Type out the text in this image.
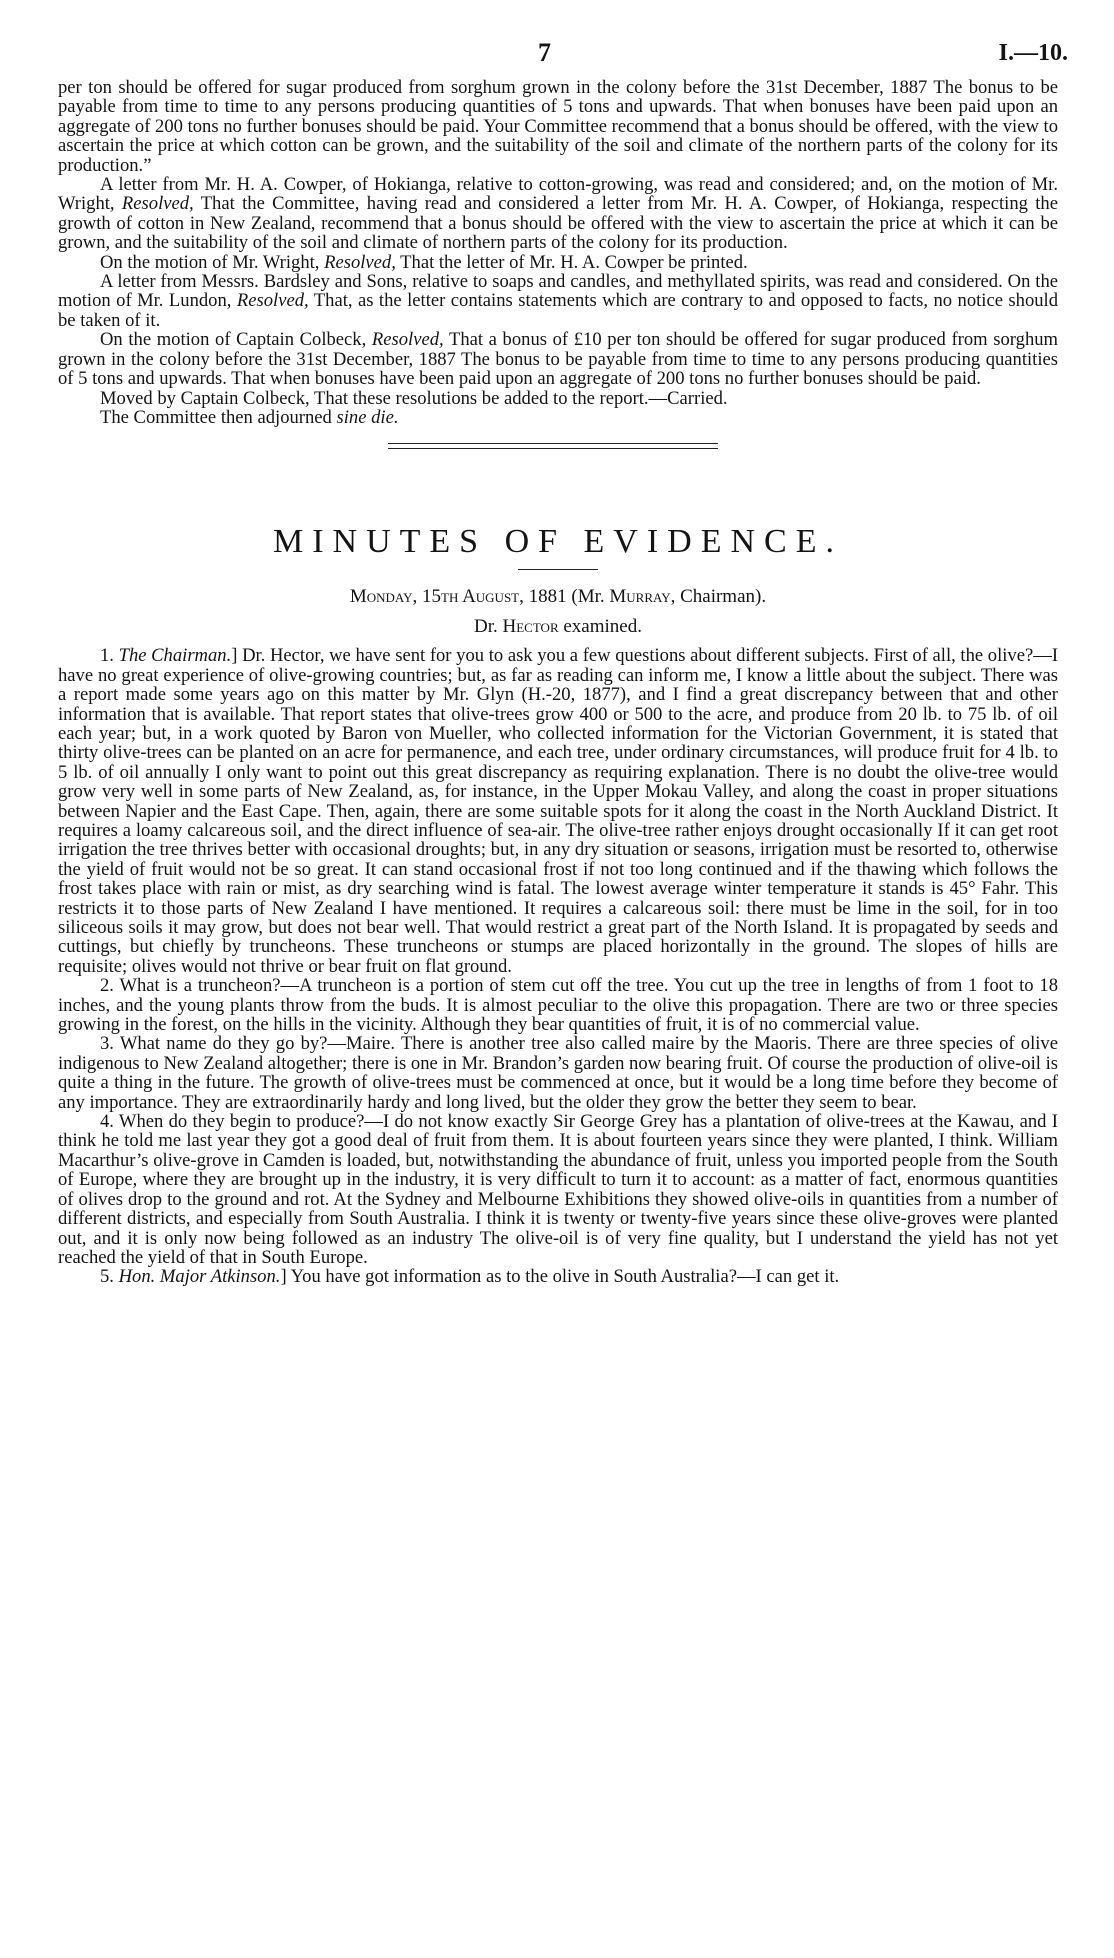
7	I.—10.

per ton should be offered for sugar produced from sorghum grown in the colony before the 31st December, 1887 The bonus to be payable from time to time to any persons producing quantities of 5 tons and upwards. That when bonuses have been paid upon an aggregate of 200 tons no further bonuses should be paid. Your Committee recommend that a bonus should be offered, with the view to ascertain the price at which cotton can be grown, and the suitability of the soil and climate of the northern parts of the colony for its production.”

A letter from Mr. H. A. Cowper, of Hokianga, relative to cotton-growing, was read and considered; and, on the motion of Mr. Wright, Resolved, That the Committee, having read and considered a letter from Mr. H. A. Cowper, of Hokianga, respecting the growth of cotton in New Zealand, recommend that a bonus should be offered with the view to ascertain the price at which it can be grown, and the suitability of the soil and climate of northern parts of the colony for its production.

On the motion of Mr. Wright, Resolved, That the letter of Mr. H. A. Cowper be printed.

A letter from Messrs. Bardsley and Sons, relative to soaps and candles, and methyllated spirits, was read and considered. On the motion of Mr. Lundon, Resolved, That, as the letter contains statements which are contrary to and opposed to facts, no notice should be taken of it.

On the motion of Captain Colbeck, Resolved, That a bonus of £10 per ton should be offered for sugar produced from sorghum grown in the colony before the 31st December, 1887 The bonus to be payable from time to time to any persons producing quantities of 5 tons and upwards. That when bonuses have been paid upon an aggregate of 200 tons no further bonuses should be paid.

Moved by Captain Colbeck, That these resolutions be added to the report.—Carried.

The Committee then adjourned sine die.

MINUTES OF EVIDENCE.
Monday, 15th August, 1881 (Mr. Murray, Chairman).
Dr. Hector examined.

1. The Chairman.] Dr. Hector, we have sent for you to ask you a few questions about different subjects. First of all, the olive?—I have no great experience of olive-growing countries; but, as far as reading can inform me, I know a little about the subject. There was a report made some years ago on this matter by Mr. Glyn (H.-20, 1877), and I find a great discrepancy between that and other information that is available. That report states that olive-trees grow 400 or 500 to the acre, and produce from 20 lb. to 75 lb. of oil each year; but, in a work quoted by Baron von Mueller, who collected information for the Victorian Government, it is stated that thirty olive-trees can be planted on an acre for permanence, and each tree, under ordinary circumstances, will produce fruit for 4 lb. to 5 lb. of oil annually I only want to point out this great discrepancy as requiring explanation. There is no doubt the olive-tree would grow very well in some parts of New Zealand, as, for instance, in the Upper Mokau Valley, and along the coast in proper situations between Napier and the East Cape. Then, again, there are some suitable spots for it along the coast in the North Auckland District. It requires a loamy calcareous soil, and the direct influence of sea-air. The olive-tree rather enjoys drought occasionally If it can get root irrigation the tree thrives better with occasional droughts; but, in any dry situation or seasons, irrigation must be resorted to, otherwise the yield of fruit would not be so great. It can stand occasional frost if not too long continued and if the thawing which follows the frost takes place with rain or mist, as dry searching wind is fatal. The lowest average winter temperature it stands is 45° Fahr. This restricts it to those parts of New Zealand I have mentioned. It requires a calcareous soil: there must be lime in the soil, for in too siliceous soils it may grow, but does not bear well. That would restrict a great part of the North Island. It is propagated by seeds and cuttings, but chiefly by truncheons. These truncheons or stumps are placed horizontally in the ground. The slopes of hills are requisite; olives would not thrive or bear fruit on flat ground.

2. What is a truncheon?—A truncheon is a portion of stem cut off the tree. You cut up the tree in lengths of from 1 foot to 18 inches, and the young plants throw from the buds. It is almost peculiar to the olive this propagation. There are two or three species growing in the forest, on the hills in the vicinity. Although they bear quantities of fruit, it is of no commercial value.

3. What name do they go by?—Maire. There is another tree also called maire by the Maoris. There are three species of olive indigenous to New Zealand altogether; there is one in Mr. Brandon’s garden now bearing fruit. Of course the production of olive-oil is quite a thing in the future. The growth of olive-trees must be commenced at once, but it would be a long time before they become of any importance. They are extraordinarily hardy and long lived, but the older they grow the better they seem to bear.

4. When do they begin to produce?—I do not know exactly Sir George Grey has a plantation of olive-trees at the Kawau, and I think he told me last year they got a good deal of fruit from them. It is about fourteen years since they were planted, I think. William Macarthur’s olive-grove in Camden is loaded, but, notwithstanding the abundance of fruit, unless you imported people from the South of Europe, where they are brought up in the industry, it is very difficult to turn it to account: as a matter of fact, enormous quantities of olives drop to the ground and rot. At the Sydney and Melbourne Exhibitions they showed olive-oils in quantities from a number of different districts, and especially from South Australia. I think it is twenty or twenty-five years since these olive-groves were planted out, and it is only now being followed as an industry The olive-oil is of very fine quality, but I understand the yield has not yet reached the yield of that in South Europe.

5. Hon. Major Atkinson.] You have got information as to the olive in South Australia?—I can get it.
